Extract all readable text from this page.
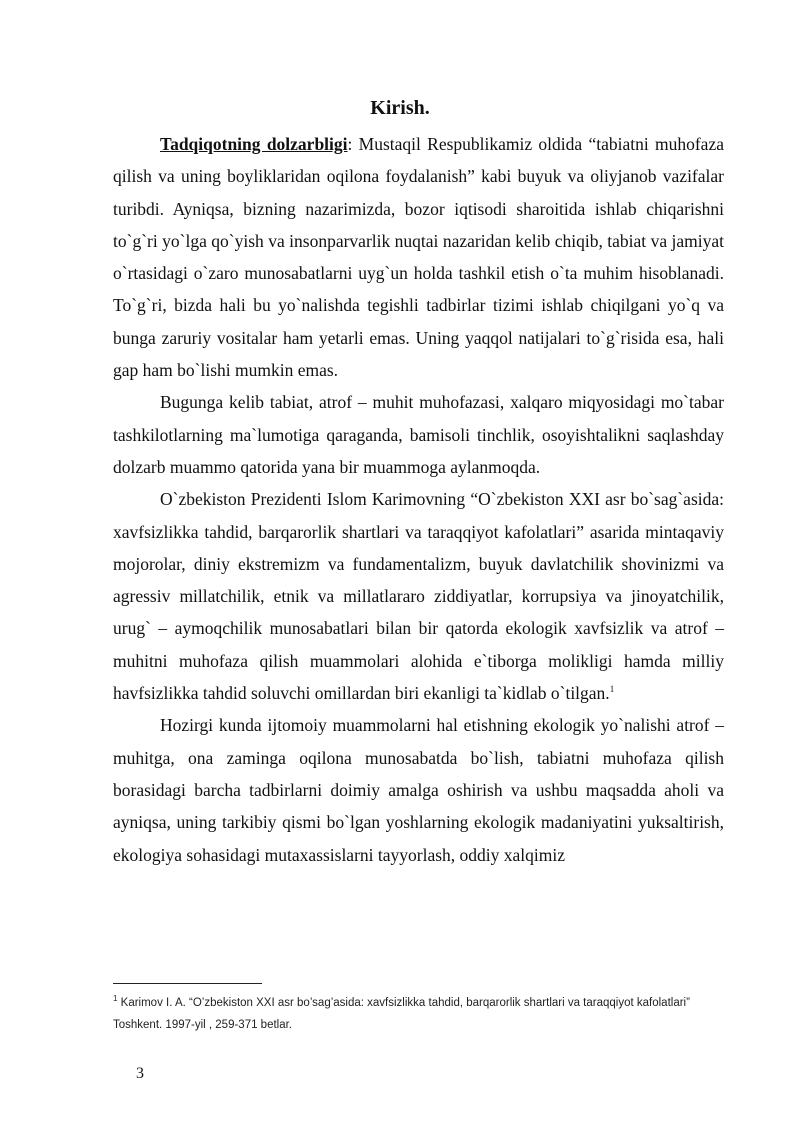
Kirish.

Tadqiqotning dolzarbligi: Mustaqil Respublikamiz oldida “tabiatni muhofaza qilish va uning boyliklaridan oqilona foydalanish” kabi buyuk va oliyjanob vazifalar turibdi. Ayniqsa, bizning nazarimizda, bozor iqtisodi sharoitida ishlab chiqarishni to`g`ri yo`lga qo`yish va insonparvarlik nuqtai nazaridan kelib chiqib, tabiat va jamiyat o`rtasidagi o`zaro munosabatlarni uyg`un holda tashkil etish o`ta muhim hisoblanadi. To`g`ri, bizda hali bu yo`nalishda tegishli tadbirlar tizimi ishlab chiqilgani yo`q va bunga zaruriy vositalar ham yetarli emas. Uning yaqqol natijalari to`g`risida esa, hali gap ham bo`lishi mumkin emas.

Bugunga kelib tabiat, atrof – muhit muhofazasi, xalqaro miqyosidagi mo`tabar tashkilotlarning ma`lumotiga qaraganda, bamisoli tinchlik, osoyishtalikni saqlashday dolzarb muammo qatorida yana bir muammoga aylanmoqda.

O`zbekiston Prezidenti Islom Karimovning “O`zbekiston XXI asr bo`sag`asida: xavfsizlikka tahdid, barqarorlik shartlari va taraqqiyot kafolatlari” asarida mintaqaviy mojorolar, diniy ekstremizm va fundamentalizm, buyuk davlatchilik shovinizmi va agressiv millatchilik, etnik va millatlararo ziddiyatlar, korrupsiya va jinoyatchilik, urug` – aymoqchilik munosabatlari bilan bir qatorda ekologik xavfsizlik va atrof – muhitni muhofaza qilish muammolari alohida e`tiborga molikligi hamda milliy havfsizlikka tahdid soluvchi omillardan biri ekanligi ta`kidlab o`tilgan.$^1$

Hozirgi kunda ijtomoiy muammolarni hal etishning ekologik yo`nalishi atrof – muhitga, ona zaminga oqilona munosabatda bo`lish, tabiatni muhofaza qilish borasidagi barcha tadbirlarni doimiy amalga oshirish va ushbu maqsadda aholi va ayniqsa, uning tarkibiy qismi bo`lgan yoshlarning ekologik madaniyatini yuksaltirish, ekologiya sohasidagi mutaxassislarni tayyorlash, oddiy xalqimiz

$^1$ Karimov I. A. “O’zbekiston XXI asr bo’sag’asida: xavfsizlikka tahdid, barqarorlik shartlari va taraqqiyot kafolatlari” Toshkent. 1997-yil , 259-371 betlar.
3
